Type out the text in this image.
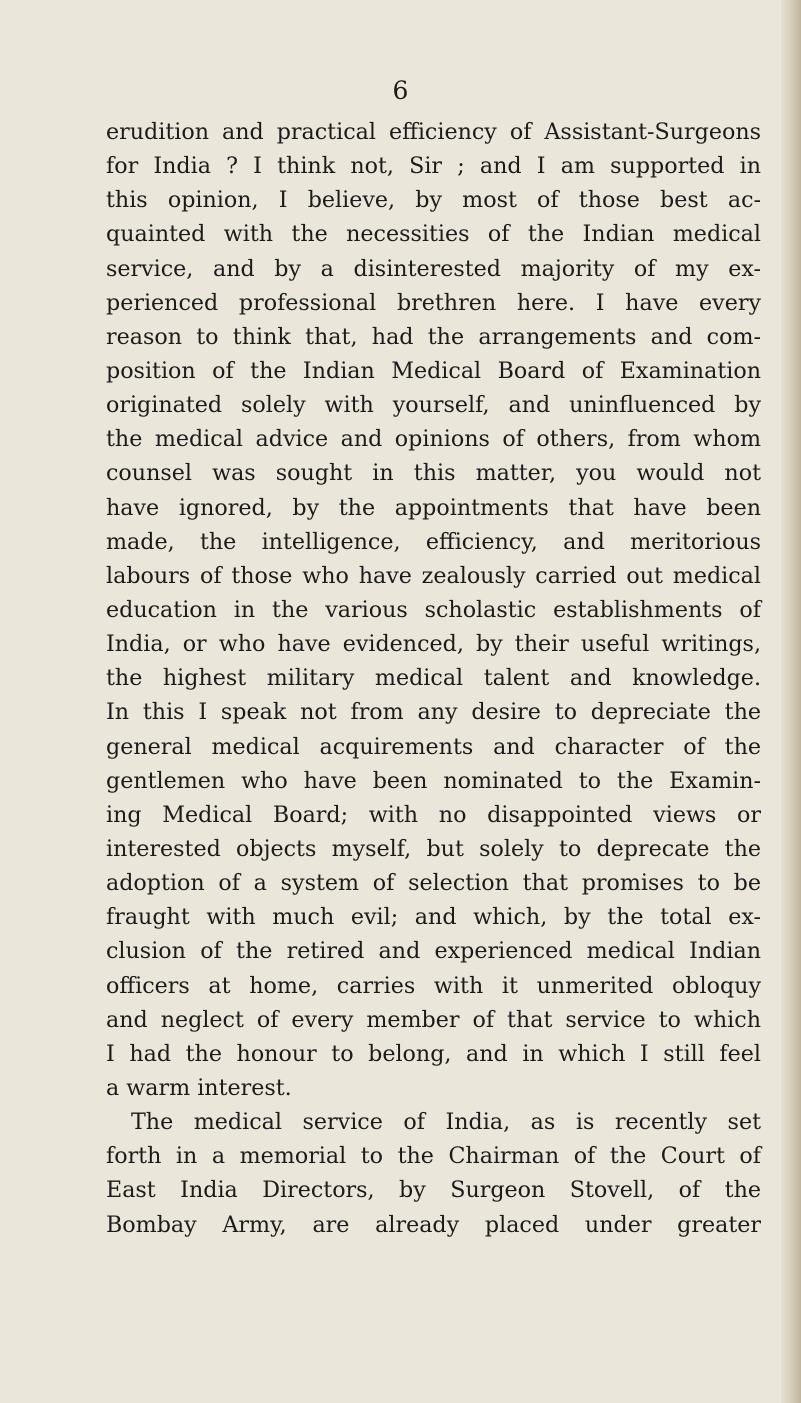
6
erudition and practical efficiency of Assistant-Surgeons
for India ? I think not, Sir ; and I am supported in
this opinion, I believe, by most of those best ac-
quainted with the necessities of the Indian medical
service, and by a disinterested majority of my ex-
perienced professional brethren here. I have every
reason to think that, had the arrangements and com-
position of the Indian Medical Board of Examination
originated solely with yourself, and uninfluenced by
the medical advice and opinions of others, from whom
counsel was sought in this matter, you would not
have ignored, by the appointments that have been
made, the intelligence, efficiency, and meritorious
labours of those who have zealously carried out medical
education in the various scholastic establishments of
India, or who have evidenced, by their useful writings,
the highest military medical talent and knowledge.
In this I speak not from any desire to depreciate the
general medical acquirements and character of the
gentlemen who have been nominated to the Examin-
ing Medical Board; with no disappointed views or
interested objects myself, but solely to deprecate the
adoption of a system of selection that promises to be
fraught with much evil; and which, by the total ex-
clusion of the retired and experienced medical Indian
officers at home, carries with it unmerited obloquy
and neglect of every member of that service to which
I had the honour to belong, and in which I still feel
a warm interest.
The medical service of India, as is recently set
forth in a memorial to the Chairman of the Court of
East India Directors, by Surgeon Stovell, of the
Bombay Army, are already placed under greater
